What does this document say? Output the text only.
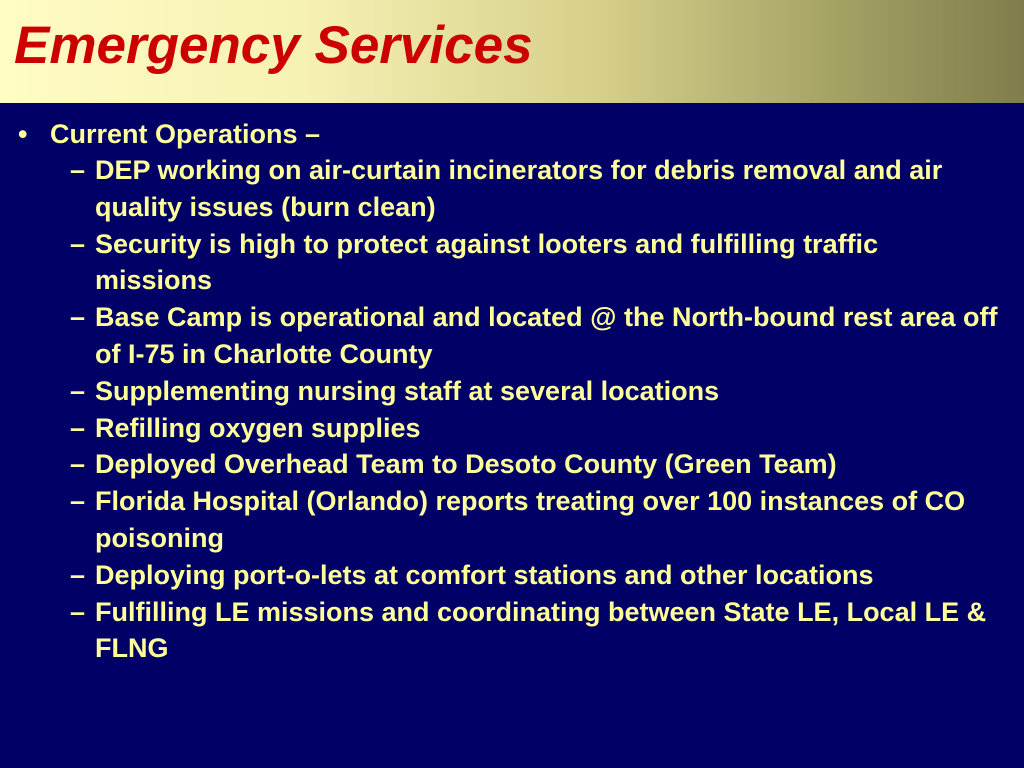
Emergency Services
• Current Operations –
– DEP working on air-curtain incinerators for debris removal and air quality issues (burn clean)
– Security is high to protect against looters and fulfilling traffic missions
– Base Camp is operational and located @ the North-bound rest area off of I-75 in Charlotte County
– Supplementing nursing staff at several locations
– Refilling oxygen supplies
– Deployed Overhead Team to Desoto County (Green Team)
– Florida Hospital (Orlando) reports treating over 100 instances of CO poisoning
– Deploying port-o-lets at comfort stations and other locations
– Fulfilling LE missions and coordinating between State LE, Local LE & FLNG
